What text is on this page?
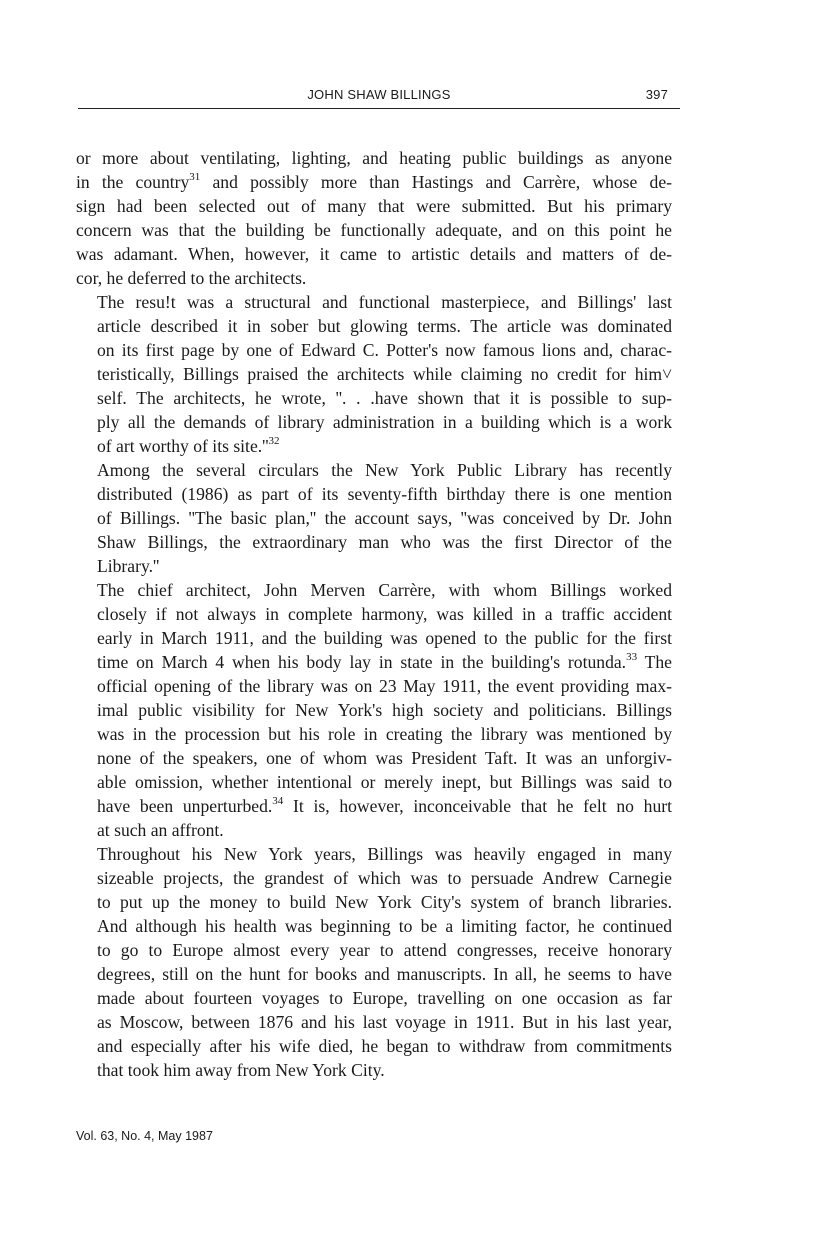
JOHN SHAW BILLINGS	397

or more about ventilating, lighting, and heating public buildings as anyone
in the country$^{31}$ and possibly more than Hastings and Carrère, whose de-
sign had been selected out of many that were submitted. But his primary
concern was that the building be functionally adequate, and on this point he
was adamant. When, however, it came to artistic details and matters of de-
cor, he deferred to the architects.

The resu!t was a structural and functional masterpiece, and Billings' last
article described it in sober but glowing terms. The article was dominated
on its first page by one of Edward C. Potter's now famous lions and, charac-
teristically, Billings praised the architects while claiming no credit for him˅
self. The architects, he wrote, ''. . .have shown that it is possible to sup-
ply all the demands of library administration in a building which is a work
of art worthy of its $site.''^{32}$

Among the several circulars the New York Public Library has recently
distributed (1986) as part of its seventy-fifth birthday there is one mention
of Billings. ''The basic plan,'' the account says, ''was conceived by Dr. John
Shaw Billings, the extraordinary man who was the first Director of the
Library.''

The chief architect, John Merven Carrère, with whom Billings worked
closely if not always in complete harmony, was killed in a traffic accident
early in March 1911, and the building was opened to the public for the first
time on March 4 when his body lay in state in the building's rotunda.$^{33}$ The
official opening of the library was on 23 May 1911, the event providing max-
imal public visibility for New York's high society and politicians. Billings
was in the procession but his role in creating the library was mentioned by
none of the speakers, one of whom was President Taft. It was an unforgiv-
able omission, whether intentional or merely inept, but Billings was said to
have been unperturbed.$^{34}$ It is, however, inconceivable that he felt no hurt
at such an affront.

Throughout his New York years, Billings was heavily engaged in many
sizeable projects, the grandest of which was to persuade Andrew Carnegie
to put up the money to build New York City's system of branch libraries.
And although his health was beginning to be a limiting factor, he continued
to go to Europe almost every year to attend congresses, receive honorary
degrees, still on the hunt for books and manuscripts. In all, he seems to have
made about fourteen voyages to Europe, travelling on one occasion as far
as Moscow, between 1876 and his last voyage in 1911. But in his last year,
and especially after his wife died, he began to withdraw from commitments
that took him away from New York City.

Vol. 63, No. 4, May 1987
